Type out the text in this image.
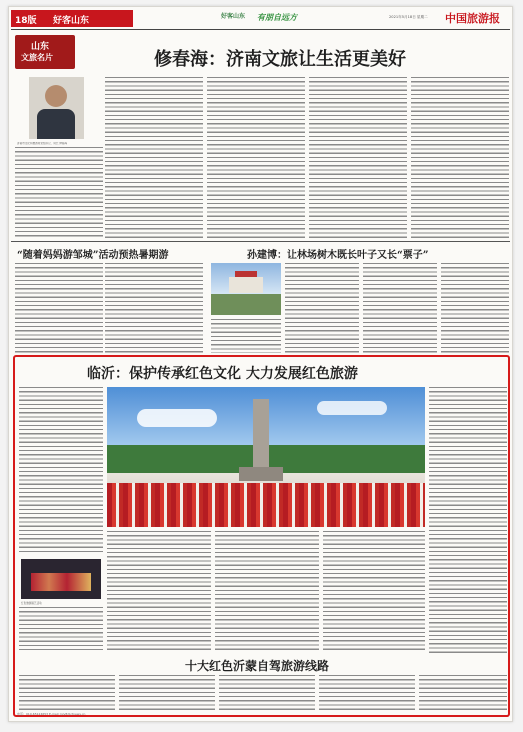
18版 好客山东	好客山东 有朋自远方	2021年5月18日 星期二 中国旅游报
山东
文旅名片	修春海：济南文旅让生活更美好
济南市文化和旅游局党组书记、局长 修春海
“随着妈妈游邹城”活动预热暑期游	孙建博：让林场树木既长叶子又长“票子”
临沂：保护传承红色文化 大力发展红色旅游
红色旅游演艺活动
十大红色沂蒙自驾旅游线路
电话：010-65124653 E-mail: ljzy8@ctnews.cn
